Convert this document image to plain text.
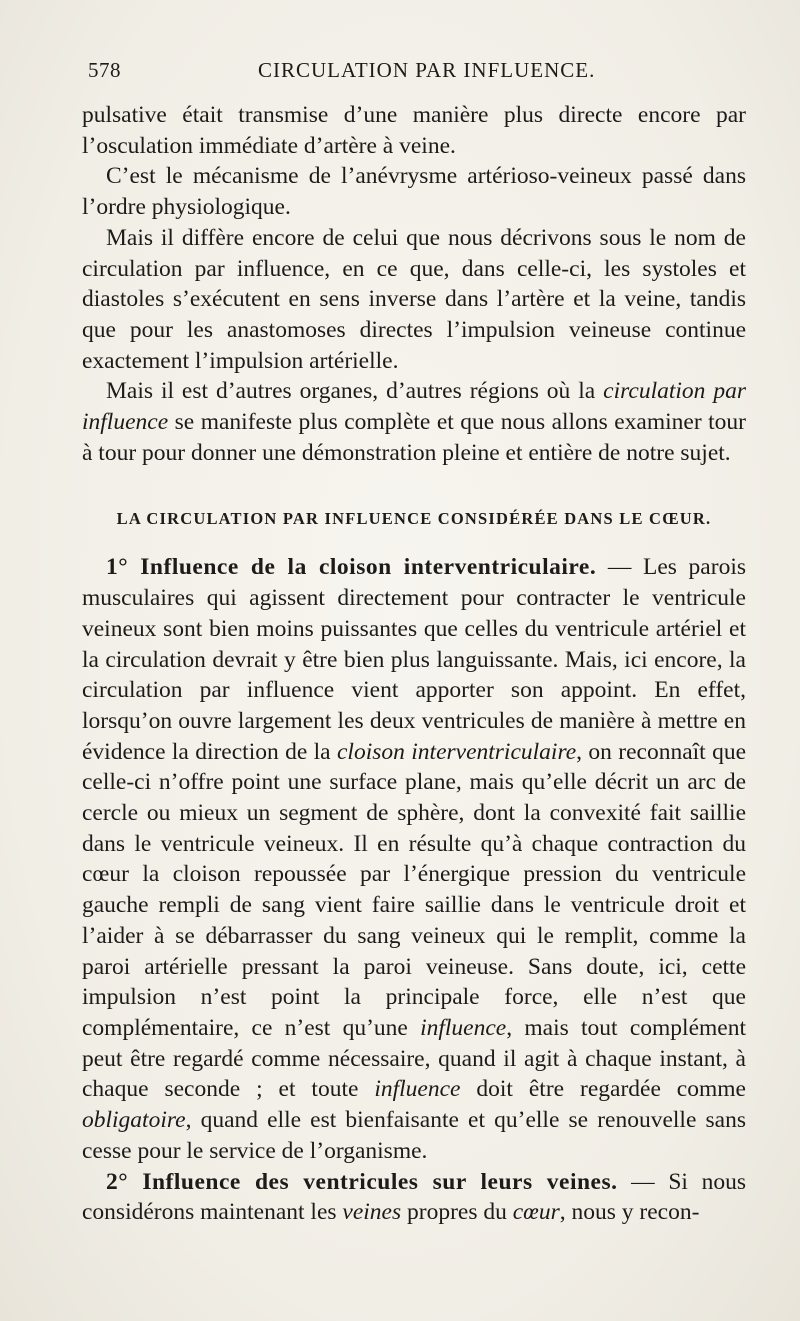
578	CIRCULATION PAR INFLUENCE.

pulsative était transmise d’une manière plus directe encore par l’osculation immédiate d’artère à veine.

C’est le mécanisme de l’anévrysme artérioso-veineux passé dans l’ordre physiologique.

Mais il diffère encore de celui que nous décrivons sous le nom de circulation par influence, en ce que, dans celle-ci, les systoles et diastoles s’exécutent en sens inverse dans l’artère et la veine, tandis que pour les anastomoses directes l’impulsion veineuse continue exactement l’impulsion artérielle.

Mais il est d’autres organes, d’autres régions où la circulation par influence se manifeste plus complète et que nous allons examiner tour à tour pour donner une démonstration pleine et entière de notre sujet.

LA CIRCULATION PAR INFLUENCE CONSIDÉRÉE DANS LE CŒUR.

1° Influence de la cloison interventriculaire. — Les parois musculaires qui agissent directement pour contracter le ventricule veineux sont bien moins puissantes que celles du ventricule artériel et la circulation devrait y être bien plus languissante. Mais, ici encore, la circulation par influence vient apporter son appoint. En effet, lorsqu’on ouvre largement les deux ventricules de manière à mettre en évidence la direction de la cloison interventriculaire, on reconnaît que celle-ci n’offre point une surface plane, mais qu’elle décrit un arc de cercle ou mieux un segment de sphère, dont la convexité fait saillie dans le ventricule veineux. Il en résulte qu’à chaque contraction du cœur la cloison repoussée par l’énergique pression du ventricule gauche rempli de sang vient faire saillie dans le ventricule droit et l’aider à se débarrasser du sang veineux qui le remplit, comme la paroi artérielle pressant la paroi veineuse. Sans doute, ici, cette impulsion n’est point la principale force, elle n’est que complémentaire, ce n’est qu’une influence, mais tout complément peut être regardé comme nécessaire, quand il agit à chaque instant, à chaque seconde ; et toute influence doit être regardée comme obligatoire, quand elle est bienfaisante et qu’elle se renouvelle sans cesse pour le service de l’organisme.

2° Influence des ventricules sur leurs veines. — Si nous considérons maintenant les veines propres du cœur, nous y recon-
